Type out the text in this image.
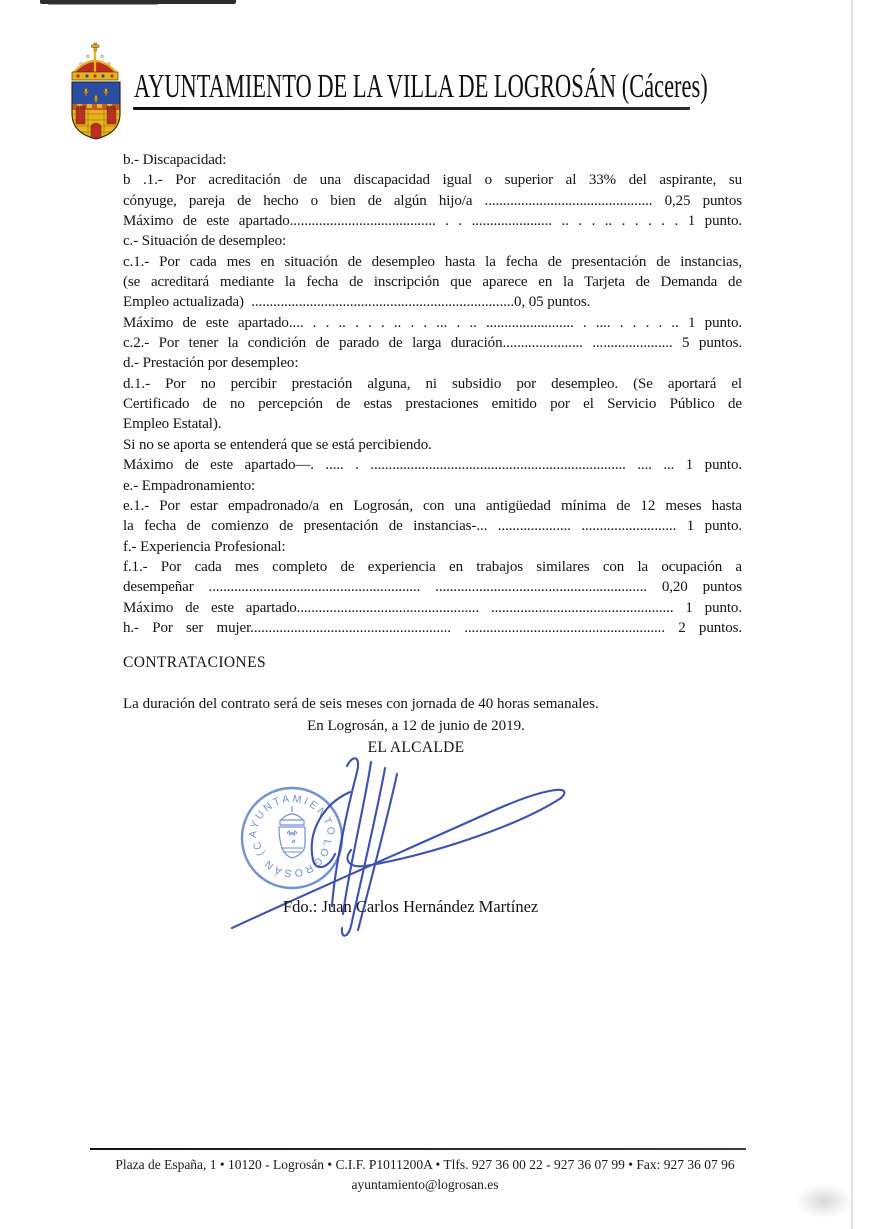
AYUNTAMIENTO DE LA VILLA DE LOGROSÁN (Cáceres)
b.- Discapacidad:
b .1.- Por acreditación de una discapacidad igual o superior al 33% del aspirante, su
cónyuge, pareja de hecho o bien de algún hijo/a .............................................. 0,25 puntos
Máximo de este apartado........................................ . . ...................... .. . . .. . . . . . 1 punto.
c.- Situación de desempleo:
c.1.- Por cada mes en situación de desempleo hasta la fecha de presentación de instancias,
(se acreditará mediante la fecha de inscripción que aparece en la Tarjeta de Demanda de
Empleo actualizada)  ........................................................................0, 05 puntos.
Máximo de este apartado.... . . .. . . . .. . . ... . .. ........................ . .... . . . . .. 1 punto.
c.2.- Por tener la condición de parado de larga duración...................... ...................... 5 puntos.
d.- Prestación por desempleo:
d.1.- Por no percibir prestación alguna, ni subsidio por desempleo. (Se aportará el
Certificado de no percepción de estas prestaciones emitido por el Servicio Público de
Empleo Estatal).
Si no se aporta se entenderá que se está percibiendo.
Máximo de este apartado—. ..... . ...................................................................... .... ... 1 punto.
e.- Empadronamiento:
e.1.- Por estar empadronado/a en Logrosán, con una antigüedad mínima de 12 meses hasta
la fecha de comienzo de presentación de instancias-... .................... .......................... 1 punto.
f.- Experiencia Profesional:
f.1.- Por cada mes completo de experiencia en trabajos similares con la ocupación a
desempeñar .......................................................... .......................................................... 0,20 puntos
Máximo de este apartado.................................................. .................................................. 1 punto.
h.- Por ser mujer....................................................... ....................................................... 2 puntos.
CONTRATACIONES
La duración del contrato será de seis meses con jornada de 40 horas semanales.
En Logrosán, a 12 de junio de 2019.
EL ALCALDE
AYUNTAMIENTO
LOGROSÁN (C
Fdo.: Juan Carlos Hernández Martínez
Plaza de España, 1 • 10120 - Logrosán • C.I.F. P1011200A • Tlfs. 927 36 00 22 - 927 36 07 99 • Fax: 927 36 07 96
ayuntamiento@logrosan.es
